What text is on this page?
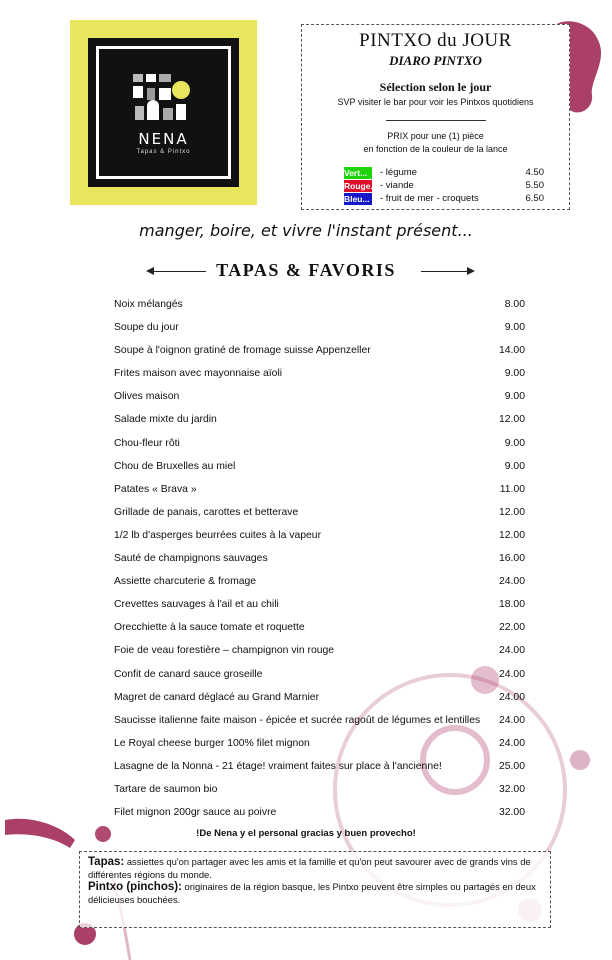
NENA
Tapas & Pintxo
PINTXO du JOUR
DIARO PINTXO
Sélection selon le jour
SVP visiter le bar pour voir les Pintxos quotidiens
PRIX pour une (1) pièce
en fonction de la couleur de la lance
Vert...	- légume	4.50
Rouge... - viande	5.50
Bleu... - fruit de mer - croquets	6.50
manger, boire, et vivre l'instant présent...
TAPAS & FAVORIS
Noix mélangés	8.00
Soupe du jour	9.00
Soupe à l'oignon gratiné de fromage suisse Appenzeller	14.00
Frites maison avec mayonnaise aïoli	9.00
Olives maison	9.00
Salade mixte du jardin	12.00
Chou-fleur rôti	9.00
Chou de Bruxelles au miel	9.00
Patates « Brava »	11.00
Grillade de panais, carottes et betterave	12.00
1/2 lb d'asperges beurrées cuites à la vapeur	12.00
Sauté de champignons sauvages	16.00
Assiette charcuterie & fromage	24.00
Crevettes sauvages à l'ail et au chili	18.00
Orecchiette à la sauce tomate et roquette	22.00
Foie de veau forestière – champignon vin rouge	24.00
Confit de canard sauce groseille	24.00
Magret de canard déglacé au Grand Marnier	24.00
Saucisse italienne faite maison - épicée et sucrée ragoût de légumes et lentilles 24.00
Le Royal cheese burger 100% filet mignon	24.00
Lasagne de la Nonna - 21 étage! vraiment faites sur place à l'ancienne!	25.00
Tartare de saumon bio	32.00
Filet mignon 200gr sauce au poivre	32.00
!De Nena y el personal gracias y buen provecho!
Tapas: assiettes qu'on partager avec les amis et la famille et qu'on peut savourer avec de grands vins de différentes régions du monde.
Pintxo (pinchos): originaires de la région basque, les Pintxo peuvent être simples ou partagés en deux délicieuses bouchées.
